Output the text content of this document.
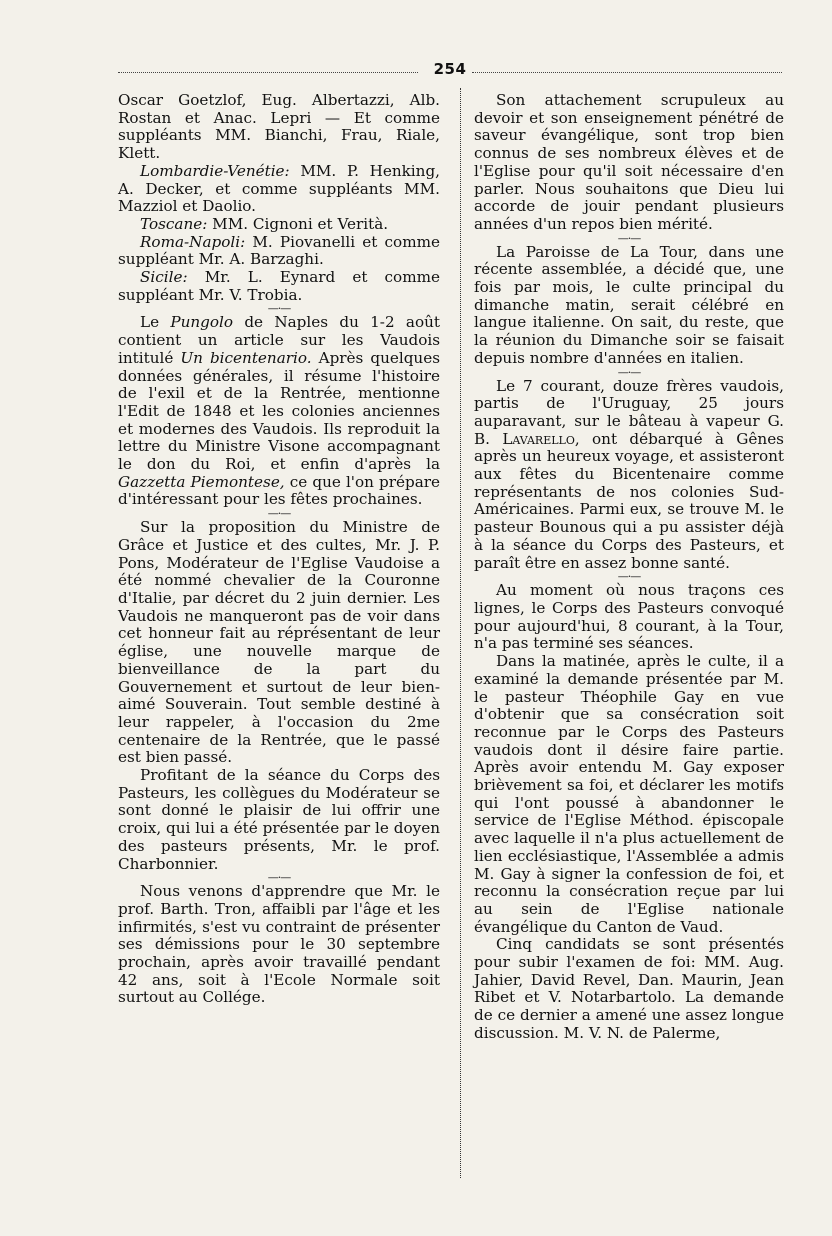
254

Oscar Goetzlof, Eug. Albertazzi, Alb. Rostan et Anac. Lepri — Et comme suppléants MM. Bianchi, Frau, Riale, Klett.

Lombardie-Venétie: MM. P. Henking, A. Decker, et comme suppléants MM. Mazziol et Daolio.

Toscane: MM. Cignoni et Verità.

Roma-Napoli: M. Piovanelli et comme suppléant Mr. A. Barzaghi.

Sicile: Mr. L. Eynard et comme suppléant Mr. V. Trobia.

—·—

Le Pungolo de Naples du 1-2 août contient un article sur les Vaudois intitulé Un bicentenario. Après quelques données générales, il résume l'histoire de l'exil et de la Rentrée, mentionne l'Edit de 1848 et les colonies anciennes et modernes des Vaudois. Ils reproduit la lettre du Ministre Visone accompagnant le don du Roi, et enfin d'après la Gazzetta Piemontese, ce que l'on prépare d'intéressant pour les fêtes prochaines.

—·—

Sur la proposition du Ministre de Grâce et Justice et des cultes, Mr. J. P. Pons, Modérateur de l'Eglise Vaudoise a été nommé chevalier de la Couronne d'Italie, par décret du 2 juin dernier. Les Vaudois ne manqueront pas de voir dans cet honneur fait au réprésentant de leur église, une nouvelle marque de bienveillance de la part du Gouvernement et surtout de leur bien-aimé Souverain. Tout semble destiné à leur rappeler, à l'occasion du 2me centenaire de la Rentrée, que le passé est bien passé.

Profitant de la séance du Corps des Pasteurs, les collègues du Modérateur se sont donné le plaisir de lui offrir une croix, qui lui a été présentée par le doyen des pasteurs présents, Mr. le prof. Charbonnier.

—·—

Nous venons d'apprendre que Mr. le prof. Barth. Tron, affaibli par l'âge et les infirmités, s'est vu contraint de présenter ses démissions pour le 30 septembre prochain, après avoir travaillé pendant 42 ans, soit à l'Ecole Normale soit surtout au Collége.

Son attachement scrupuleux au devoir et son enseignement pénétré de saveur évangélique, sont trop bien connus de ses nombreux élèves et de l'Eglise pour qu'il soit nécessaire d'en parler. Nous souhaitons que Dieu lui accorde de jouir pendant plusieurs années d'un repos bien mérité.

—·—

La Paroisse de La Tour, dans une récente assemblée, a décidé que, une fois par mois, le culte principal du dimanche matin, serait célébré en langue italienne. On sait, du reste, que la réunion du Dimanche soir se faisait depuis nombre d'années en italien.

—·—

Le 7 courant, douze frères vaudois, partis de l'Uruguay, 25 jours auparavant, sur le bâteau à vapeur G. B. Lavarello, ont débarqué à Gênes après un heureux voyage, et assisteront aux fêtes du Bicentenaire comme représentants de nos colonies Sud-Américaines. Parmi eux, se trouve M. le pasteur Bounous qui a pu assister déjà à la séance du Corps des Pasteurs, et paraît être en assez bonne santé.

—·—

Au moment où nous traçons ces lignes, le Corps des Pasteurs convoqué pour aujourd'hui, 8 courant, à la Tour, n'a pas terminé ses séances.

Dans la matinée, après le culte, il a examiné la demande présentée par M. le pasteur Théophile Gay en vue d'obtenir que sa consécration soit reconnue par le Corps des Pasteurs vaudois dont il désire faire partie. Après avoir entendu M. Gay exposer brièvement sa foi, et déclarer les motifs qui l'ont poussé à abandonner le service de l'Eglise Méthod. épiscopale avec laquelle il n'a plus actuellement de lien ecclésiastique, l'Assemblée a admis M. Gay à signer la confession de foi, et reconnu la consécration reçue par lui au sein de l'Eglise nationale évangélique du Canton de Vaud.

Cinq candidats se sont présentés pour subir l'examen de foi: MM. Aug. Jahier, David Revel, Dan. Maurin, Jean Ribet et V. Notarbartolo. La demande de ce dernier a amené une assez longue discussion. M. V. N. de Palerme,
